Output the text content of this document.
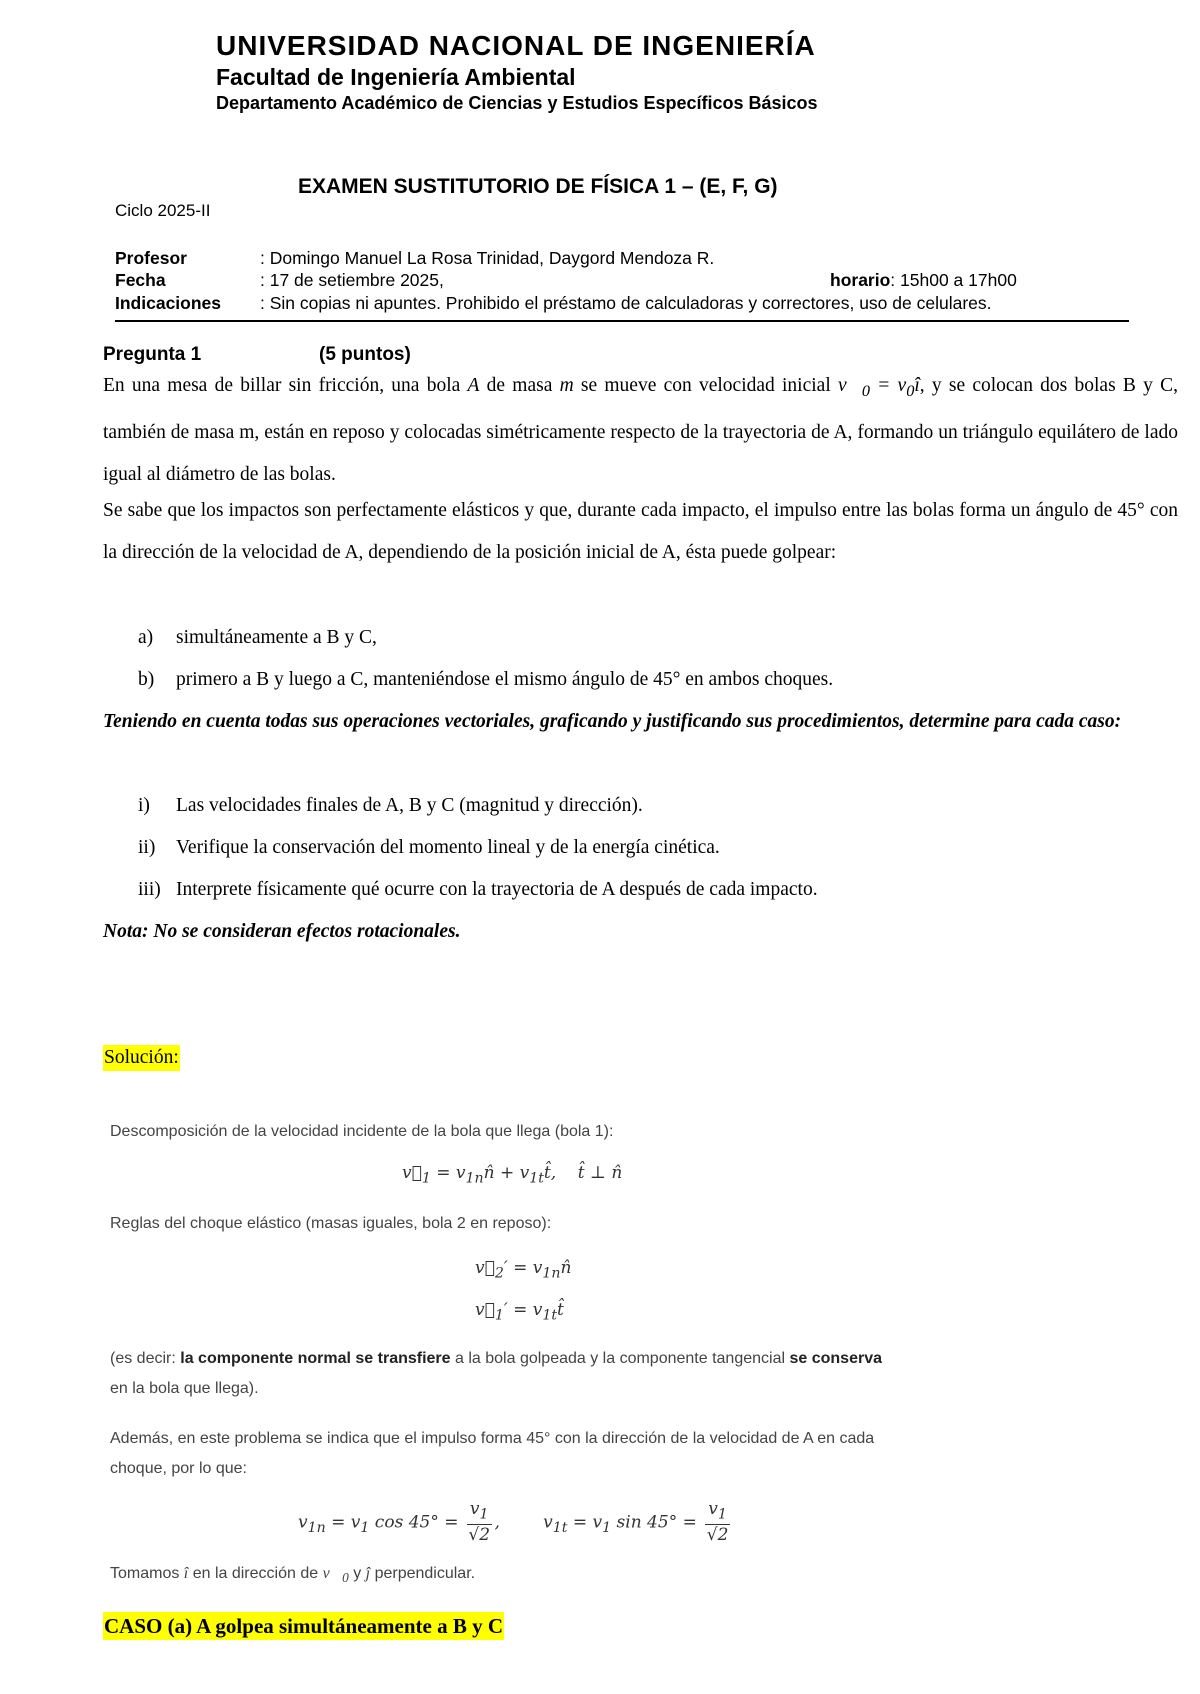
UNIVERSIDAD NACIONAL DE INGENIERÍA
Facultad de Ingeniería Ambiental
Departamento Académico de Ciencias y Estudios Específicos Básicos
EXAMEN SUSTITUTORIO DE FÍSICA 1 – (E, F, G)
Ciclo 2025-II
Profesor	: Domingo Manuel La Rosa Trinidad, Daygord Mendoza R.
Fecha	: 17 de setiembre 2025,	horario: 15h00 a 17h00
Indicaciones : Sin copias ni apuntes. Prohibido el préstamo de calculadoras y correctores, uso de celulares.
Pregunta 1	(5 puntos)
En una mesa de billar sin fricción, una bola A de masa m se mueve con velocidad inicial $v⃗_0$ = $v_0î$, y se colocan dos bolas B y C, también de masa m, están en reposo y colocadas simétricamente respecto de la trayectoria de A, formando un triángulo equilátero de lado igual al diámetro de las bolas.
Se sabe que los impactos son perfectamente elásticos y que, durante cada impacto, el impulso entre las bolas forma un ángulo de 45° con la dirección de la velocidad de A, dependiendo de la posición inicial de A, ésta puede golpear:
a) simultáneamente a B y C,
b) primero a B y luego a C, manteniéndose el mismo ángulo de 45° en ambos choques.
Teniendo en cuenta todas sus operaciones vectoriales, graficando y justificando sus procedimientos, determine para cada caso:
i) Las velocidades finales de A, B y C (magnitud y dirección).
ii) Verifique la conservación del momento lineal y de la energía cinética.
iii) Interprete físicamente qué ocurre con la trayectoria de A después de cada impacto.
Nota: No se consideran efectos rotacionales.
Solución:
Descomposición de la velocidad incidente de la bola que llega (bola 1):
$v⃗_1$ = $v_{1n}n̂$ + $v_{1t}t̂$,    t̂ ⊥ n̂
Reglas del choque elástico (masas iguales, bola 2 en reposo):
$v⃗_2'$ = $v_{1n}n̂$
$v⃗_1'$ = $v_{1t}t̂$
(es decir: la componente normal se transfiere a la bola golpeada y la componente tangencial se conserva
en la bola que llega).
Además, en este problema se indica que el impulso forma 45° con la dirección de la velocidad de A en cada
choque, por lo que:
$v_{1n} = v_1$ $\cos 45^\circ = \frac{v_1}{√2}$ ,        $v_{1t} = v_1$ $\sin 45^\circ = \frac{v_1}{√2}$
Tomamos î en la dirección de $v⃗_0$ y ĵ perpendicular.
CASO (a) A golpea simultáneamente a B y C
